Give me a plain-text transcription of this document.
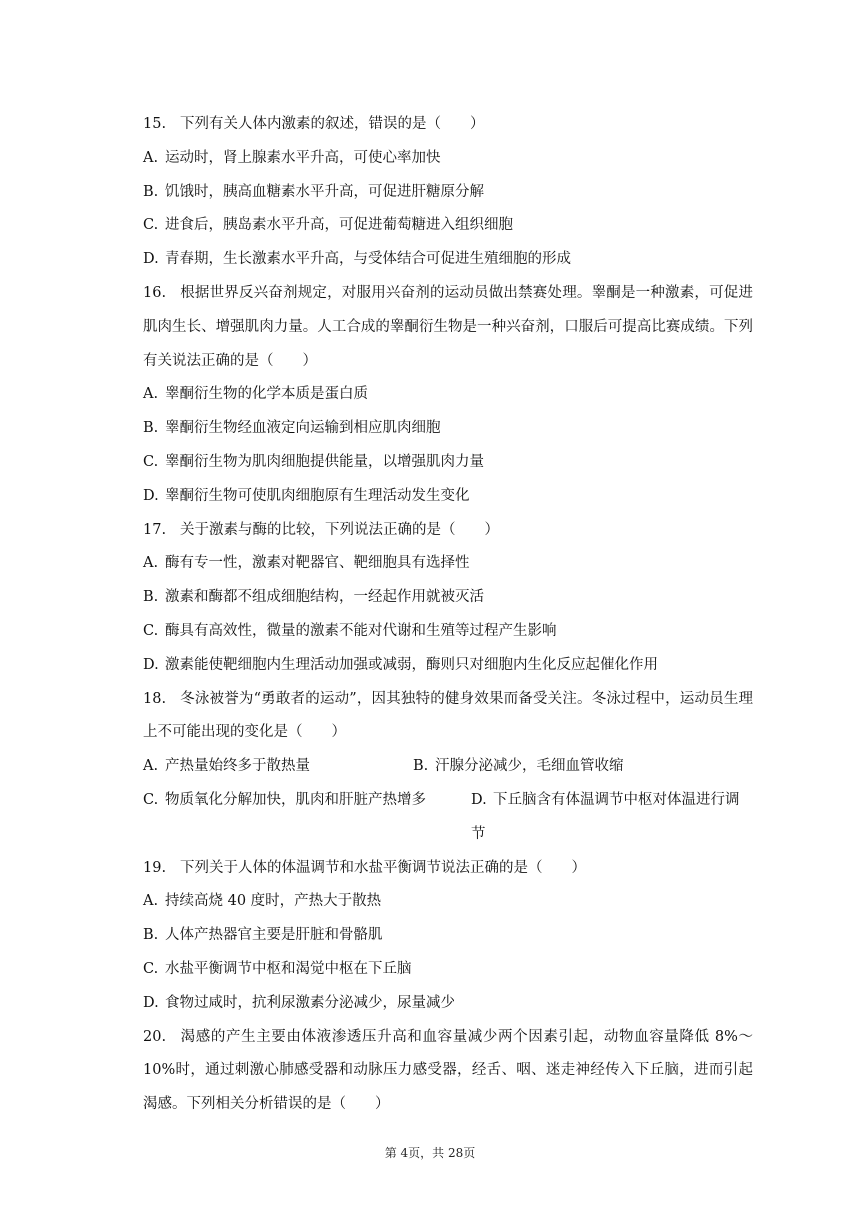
15. 下列有关人体内激素的叙述，错误的是（　　）
A. 运动时，肾上腺素水平升高，可使心率加快
B. 饥饿时，胰高血糖素水平升高，可促进肝糖原分解
C. 进食后，胰岛素水平升高，可促进葡萄糖进入组织细胞
D. 青春期，生长激素水平升高，与受体结合可促进生殖细胞的形成
16. 根据世界反兴奋剂规定，对服用兴奋剂的运动员做出禁赛处理。睾酮是一种激素，可促进肌肉生长、增强肌肉力量。人工合成的睾酮衍生物是一种兴奋剂，口服后可提高比赛成绩。下列有关说法正确的是（　　）
A. 睾酮衍生物的化学本质是蛋白质
B. 睾酮衍生物经血液定向运输到相应肌肉细胞
C. 睾酮衍生物为肌肉细胞提供能量，以增强肌肉力量
D. 睾酮衍生物可使肌肉细胞原有生理活动发生变化
17. 关于激素与酶的比较，下列说法正确的是（　　）
A. 酶有专一性，激素对靶器官、靶细胞具有选择性
B. 激素和酶都不组成细胞结构，一经起作用就被灭活
C. 酶具有高效性，微量的激素不能对代谢和生殖等过程产生影响
D. 激素能使靶细胞内生理活动加强或减弱，酶则只对细胞内生化反应起催化作用
18. 冬泳被誉为“勇敢者的运动”，因其独特的健身效果而备受关注。冬泳过程中，运动员生理上不可能出现的变化是（　　）
A. 产热量始终多于散热量	B. 汗腺分泌减少，毛细血管收缩
C. 物质氧化分解加快，肌肉和肝脏产热增多	D. 下丘脑含有体温调节中枢对体温进行调节
19. 下列关于人体的体温调节和水盐平衡调节说法正确的是（　　）
A. 持续高烧 40 度时，产热大于散热
B. 人体产热器官主要是肝脏和骨骼肌
C. 水盐平衡调节中枢和渴觉中枢在下丘脑
D. 食物过咸时，抗利尿激素分泌减少，尿量减少
20. 渴感的产生主要由体液渗透压升高和血容量减少两个因素引起，动物血容量降低 8%～10%时，通过刺激心肺感受器和动脉压力感受器，经舌、咽、迷走神经传入下丘脑，进而引起渴感。下列相关分析错误的是（　　）
第 4页，共 28页
